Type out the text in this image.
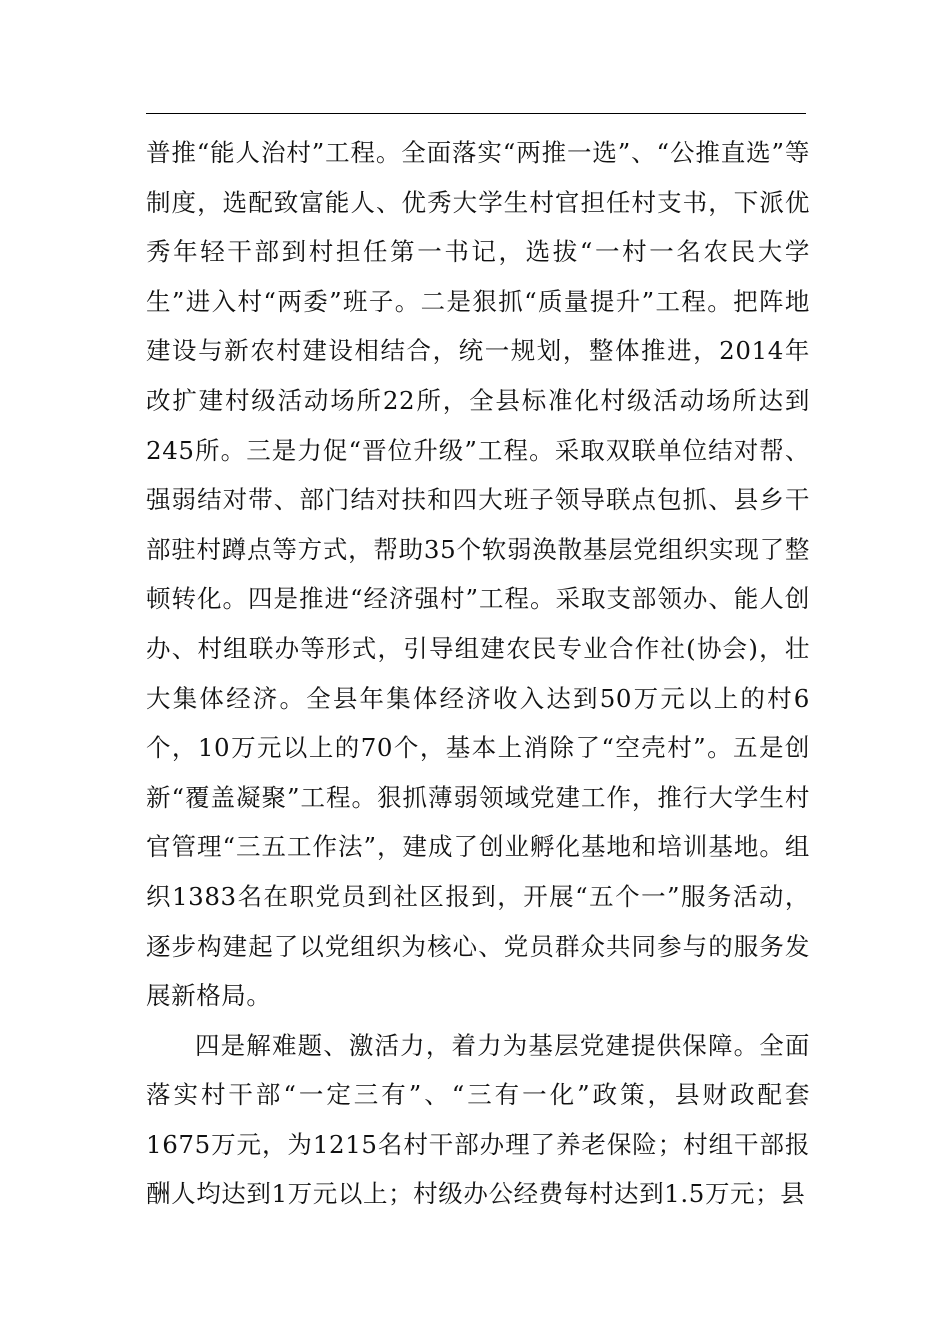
普推“能人治村”工程。全面落实“两推一选”、“公推直选”等制度，选配致富能人、优秀大学生村官担任村支书，下派优秀年轻干部到村担任第一书记，选拔“一村一名农民大学生”进入村“两委”班子。二是狠抓“质量提升”工程。把阵地建设与新农村建设相结合，统一规划，整体推进，2014年改扩建村级活动场所22所，全县标准化村级活动场所达到245所。三是力促“晋位升级”工程。采取双联单位结对帮、强弱结对带、部门结对扶和四大班子领导联点包抓、县乡干部驻村蹲点等方式，帮助35个软弱涣散基层党组织实现了整顿转化。四是推进“经济强村”工程。采取支部领办、能人创办、村组联办等形式，引导组建农民专业合作社(协会)，壮大集体经济。全县年集体经济收入达到50万元以上的村6个，10万元以上的70个，基本上消除了“空壳村”。五是创新“覆盖凝聚”工程。狠抓薄弱领域党建工作，推行大学生村官管理“三五工作法”，建成了创业孵化基地和培训基地。组织1383名在职党员到社区报到，开展“五个一”服务活动，逐步构建起了以党组织为核心、党员群众共同参与的服务发展新格局。

四是解难题、激活力，着力为基层党建提供保障。全面落实村干部“一定三有”、“三有一化”政策，县财政配套1675万元，为1215名村干部办理了养老保险；村组干部报酬人均达到1万元以上；村级办公经费每村达到1.5万元；县
